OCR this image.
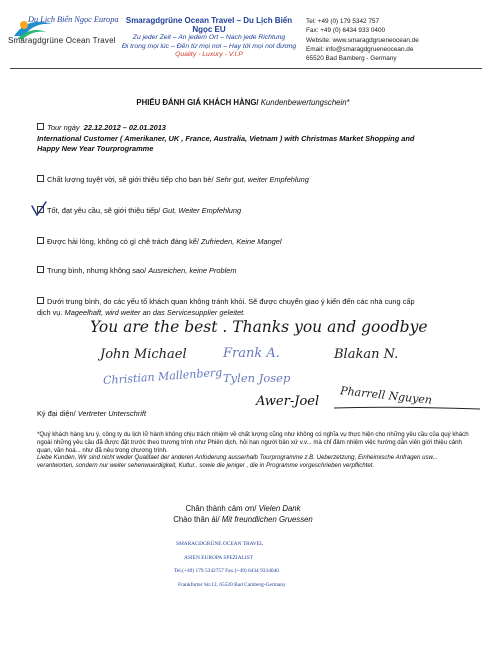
Du Lịch Biển Ngọc Europa
Smaragdgrüne Ocean Travel
Smaragdgrüne Ocean Travel – Du Lịch Biển Ngọc EU
Zu jeder Zeit – An jedem Ort – Nach jede Richtung
Đi trong mọi lúc – Đến từ mọi nơi – Hay tới mọi nơi đương
Quality - Luxury - V.I.P
Tel: +49 (0) 179 5342 757
Fax: +49 (0) 6434 933 0400
Website: www.smaragdgrueneocean.de
Email: info@smaragdgrueneocean.de
65520 Bad Bamberg - Germany
PHIẾU ĐÁNH GIÁ KHÁCH HÀNG/ Kundenbewertungschein*
Tour ngày 22.12.2012 – 02.01.2013
International Customer ( Amerikaner, UK , France, Australia, Vietnam ) with Christmas Market Shopping and
Happy New Year Tourprogramme
Chất lượng tuyệt vời, sẽ giới thiệu tiếp cho bạn bè/ Sehr gut, weiter Empfehlung
Tốt, đạt yêu cầu, sẽ giới thiệu tiếp/ Gut, Weiter Empfehlung
Được hài lòng, không có gì chê trách đáng kể/ Zufrieden, Keine Mangel
Trung bình, nhưng không sao/ Ausreichen, keine Problem
Dưới trung bình, do các yếu tố khách quan không tránh khỏi. Sẽ được chuyển giao ý kiến đến các nhà cung cấp
dịch vụ. Mageelhaft, wird weiter an das Servicesupplier geleitet.
You are the best . Thanks you and goodbye
John Michael	Frank A.	Blakan N.
Christian Mallenberg Tylen Josep
Awer-Joel Pharrell Nguyen
Ký đại diện/ Vertreter Unterschrift
*Quý khách hàng lưu ý, công ty du lịch lữ hành không chịu trách nhiệm về chất lượng cũng như không có nghĩa vụ thực hiện cho những yêu cầu của quý khách ngoài những yêu cầu đã được đặt trước theo trương trình như Phiên dịch, hỏi han người bản xứ v.v... mà chỉ đảm nhiệm việc hướng dẫn viên giới thiệu cảnh quan, văn hoá... như đã nêu trong chương trình.
Liebe Kunden, Wir sind nicht weder Qualitaet der anderen Anfoderung ausserhalb Tourprogramme z.B. Ueberzetzung, Einheimische Anfragen usw... verantworten, sondern nur weiter sehenwuerdigkeit, Kultur.. sowie die jeniger , die in Programme vorgeschrieben verpflichtet.
Chân thành cảm ơn/ Vielen Dank
Chào thân ái/ Mit freundlichen Gruessen
SMARAGDGRÜNE OCEAN TRAVEL
ASIEN EUROPA SPEZIALIST
Tel.(+49) 179 5342757 Fax.(+49) 6434 9334040
Frankfurter Str.12, 65520 Bad Camberg-Germany
